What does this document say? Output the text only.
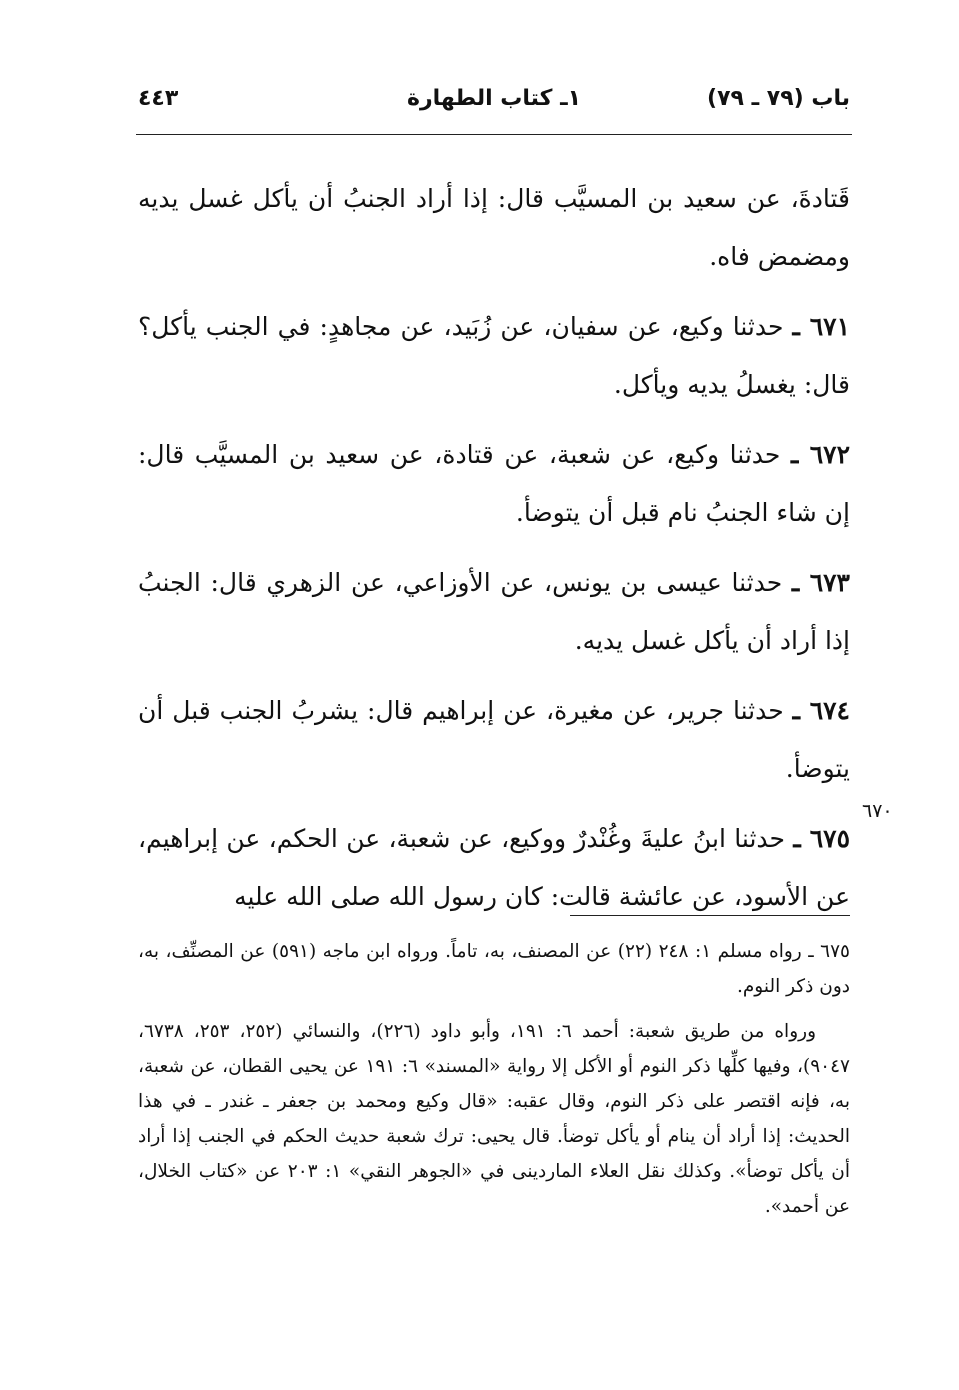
باب (٧٩ ـ ٧٩)
١ـ كتاب الطهارة
٤٤٣

قَتادةَ، عن سعيد بن المسيَّب قال: إذا أراد الجنبُ أن يأكل غسل يديه ومضمض فاه.

٦٧١ ـ حدثنا وكيع، عن سفيان، عن زُبَيد، عن مجاهدٍ: في الجنب يأكل؟ قال: يغسلُ يديه ويأكل.

٦٧٢ ـ حدثنا وكيع، عن شعبة، عن قتادة، عن سعيد بن المسيَّب قال: إن شاء الجنبُ نام قبل أن يتوضأ.

٦٧٣ ـ حدثنا عيسى بن يونس، عن الأوزاعي، عن الزهري قال: الجنبُ إذا أراد أن يأكل غسل يديه.

٦٧٤ ـ حدثنا جرير، عن مغيرة، عن إبراهيم قال: يشربُ الجنب قبل أن يتوضأ.

٦٧٥ ـ حدثنا ابنُ عليةَ وغُنْدرٌ ووكيع، عن شعبة، عن الحكم، عن إبراهيم، عن الأسود، عن عائشة قالت: كان رسول الله صلى الله عليه

٦٧٠

٦٧٥ ـ رواه مسلم ١: ٢٤٨ (٢٢) عن المصنف، به، تاماً. ورواه ابن ماجه (٥٩١) عن المصنِّف، به، دون ذكر النوم.

ورواه من طريق شعبة: أحمد ٦: ١٩١، وأبو داود (٢٢٦)، والنسائي (٢٥٢، ٢٥٣، ٦٧٣٨، ٩٠٤٧)، وفيها كلِّها ذكر النوم أو الأكل إلا رواية «المسند» ٦: ١٩١ عن يحيى القطان، عن شعبة، به، فإنه اقتصر على ذكر النوم، وقال عقبه: «قال وكيع ومحمد بن جعفر ـ غندر ـ في هذا الحديث: إذا أراد أن ينام أو يأكل توضأ. قال يحيى: ترك شعبة حديث الحكم في الجنب إذا أراد أن يأكل توضأ». وكذلك نقل العلاء الماردينى في «الجوهر النقي» ١: ٢٠٣ عن «كتاب الخلال، عن أحمد».
